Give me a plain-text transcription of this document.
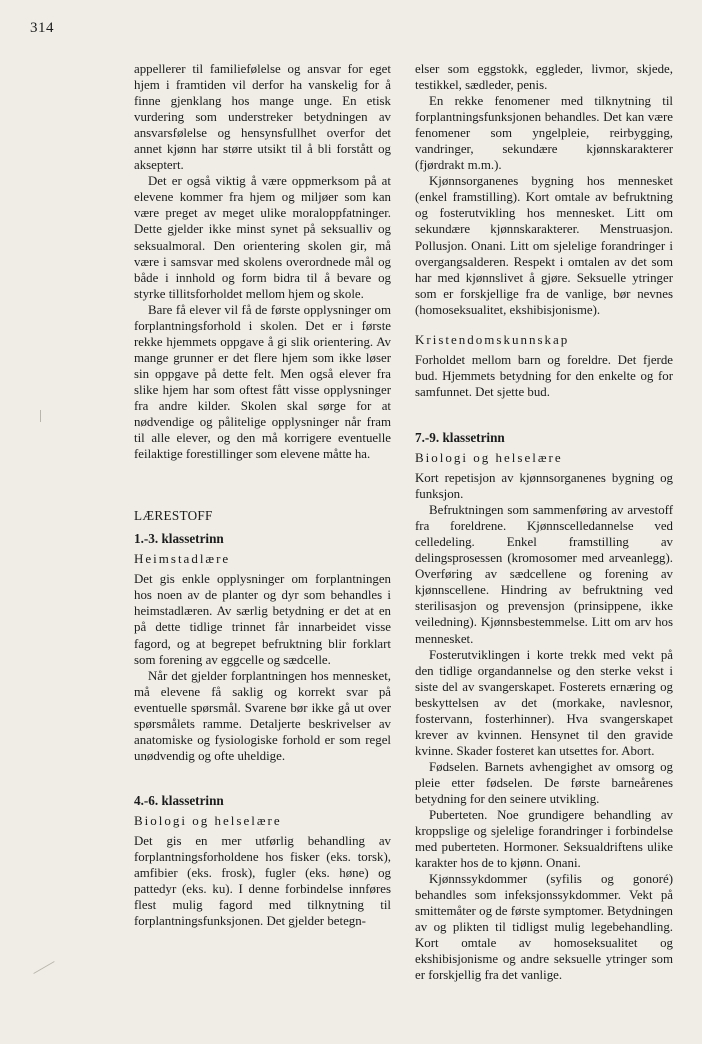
314

appellerer til familiefølelse og ansvar for eget hjem i framtiden vil derfor ha vanskelig for å finne gjenklang hos mange unge. En etisk vurdering som understreker betydningen av ansvarsfølelse og hensynsfullhet overfor det annet kjønn har større utsikt til å bli forstått og akseptert.

Det er også viktig å være oppmerksom på at elevene kommer fra hjem og miljøer som kan være preget av meget ulike moraloppfatninger. Dette gjelder ikke minst synet på seksualliv og seksualmoral. Den orientering skolen gir, må være i samsvar med skolens overordnede mål og både i innhold og form bidra til å bevare og styrke tillitsforholdet mellom hjem og skole.

Bare få elever vil få de første opplysninger om forplantningsforhold i skolen. Det er i første rekke hjemmets oppgave å gi slik orientering. Av mange grunner er det flere hjem som ikke løser sin oppgave på dette felt. Men også elever fra slike hjem har som oftest fått visse opplysninger fra andre kilder. Skolen skal sørge for at nødvendige og pålitelige opplysninger når fram til alle elever, og den må korrigere eventuelle feilaktige forestillinger som elevene måtte ha.

LÆRESTOFF
1.-3. klassetrinn
Heimstadlære

Det gis enkle opplysninger om forplantningen hos noen av de planter og dyr som behandles i heimstadlæren. Av særlig betydning er det at en på dette tidlige trinnet får innarbeidet visse fagord, og at begrepet befruktning blir forklart som forening av eggcelle og sædcelle.

Når det gjelder forplantningen hos mennesket, må elevene få saklig og korrekt svar på eventuelle spørsmål. Svarene bør ikke gå ut over spørsmålets ramme. Detaljerte beskrivelser av anatomiske og fysiologiske forhold er som regel unødvendig og ofte uheldige.

4.-6. klassetrinn
Biologi og helselære

Det gis en mer utførlig behandling av forplantningsforholdene hos fisker (eks. torsk), amfibier (eks. frosk), fugler (eks. høne) og pattedyr (eks. ku). I denne forbindelse innføres flest mulig fagord med tilknytning til forplantningsfunksjonen. Det gjelder betegn-

elser som eggstokk, eggleder, livmor, skjede, testikkel, sædleder, penis.

En rekke fenomener med tilknytning til forplantningsfunksjonen behandles. Det kan være fenomener som yngelpleie, reirbygging, vandringer, sekundære kjønnskarakterer (fjørdrakt m.m.).

Kjønnsorganenes bygning hos mennesket (enkel framstilling). Kort omtale av befruktning og fosterutvikling hos mennesket. Litt om sekundære kjønnskarakterer. Menstruasjon. Pollusjon. Onani. Litt om sjelelige forandringer i overgangsalderen. Respekt i omtalen av det som har med kjønnslivet å gjøre. Seksuelle ytringer som er forskjellige fra de vanlige, bør nevnes (homoseksualitet, ekshibisjonisme).

Kristendomskunnskap

Forholdet mellom barn og foreldre. Det fjerde bud. Hjemmets betydning for den enkelte og for samfunnet. Det sjette bud.

7.-9. klassetrinn
Biologi og helselære

Kort repetisjon av kjønnsorganenes bygning og funksjon.

Befruktningen som sammenføring av arvestoff fra foreldrene. Kjønnscelledannelse ved celledeling. Enkel framstilling av delingsprosessen (kromosomer med arveanlegg). Overføring av sædcellene og forening av kjønnscellene. Hindring av befruktning ved sterilisasjon og prevensjon (prinsippene, ikke veiledning). Kjønnsbestemmelse. Litt om arv hos mennesket.

Fosterutviklingen i korte trekk med vekt på den tidlige organdannelse og den sterke vekst i siste del av svangerskapet. Fosterets ernæring og beskyttelsen av det (morkake, navlesnor, fostervann, fosterhinner). Hva svangerskapet krever av kvinnen. Hensynet til den gravide kvinne. Skader fosteret kan utsettes for. Abort.

Fødselen. Barnets avhengighet av omsorg og pleie etter fødselen. De første barneårenes betydning for den seinere utvikling.

Puberteten. Noe grundigere behandling av kroppslige og sjelelige forandringer i forbindelse med puberteten. Hormoner. Seksualdriftens ulike karakter hos de to kjønn. Onani.

Kjønnssykdommer (syfilis og gonoré) behandles som infeksjonssykdommer. Vekt på smittemåter og de første symptomer. Betydningen av og plikten til tidligst mulig legebehandling. Kort omtale av homoseksualitet og ekshibisjonisme og andre seksuelle ytringer som er forskjellig fra det vanlige.
